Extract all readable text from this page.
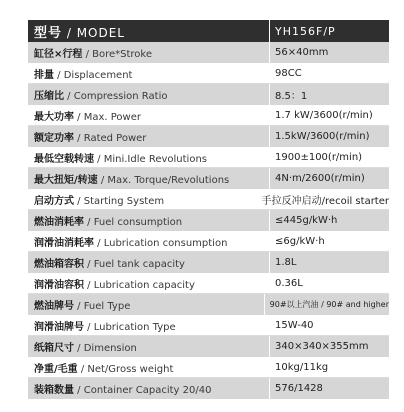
型号 / MODEL	YH156F/P
缸径×行程 / Bore*Stroke	56×40mm
排量 / Displacement	98CC
压缩比 / Compression Ratio	8.5：1
最大功率 / Max. Power	1.7 kW/3600(r/min)
额定功率 / Rated Power	1.5kW/3600(r/min)
最低空载转速 / Mini.Idle Revolutions	1900±100(r/min)
最大扭矩/转速 / Max. Torque/Revolutions	4N·m/2600(r/min)
启动方式 / Starting System	手拉反冲启动/recoil starter
燃油消耗率 / Fuel consumption	≤445g/kW·h
润滑油消耗率 / Lubrication consumption	≤6g/kW·h
燃油箱容积 / Fuel tank capacity	1.8L
润滑油容积 / Lubrication capacity	0.36L
燃油牌号 / Fuel Type	90#以上汽油 / 90# and higher
润滑油牌号 / Lubrication Type	15W-40
纸箱尺寸 / Dimension	340×340×355mm
净重/毛重 / Net/Gross weight	10kg/11kg
装箱数量 / Container Capacity 20/40	576/1428
